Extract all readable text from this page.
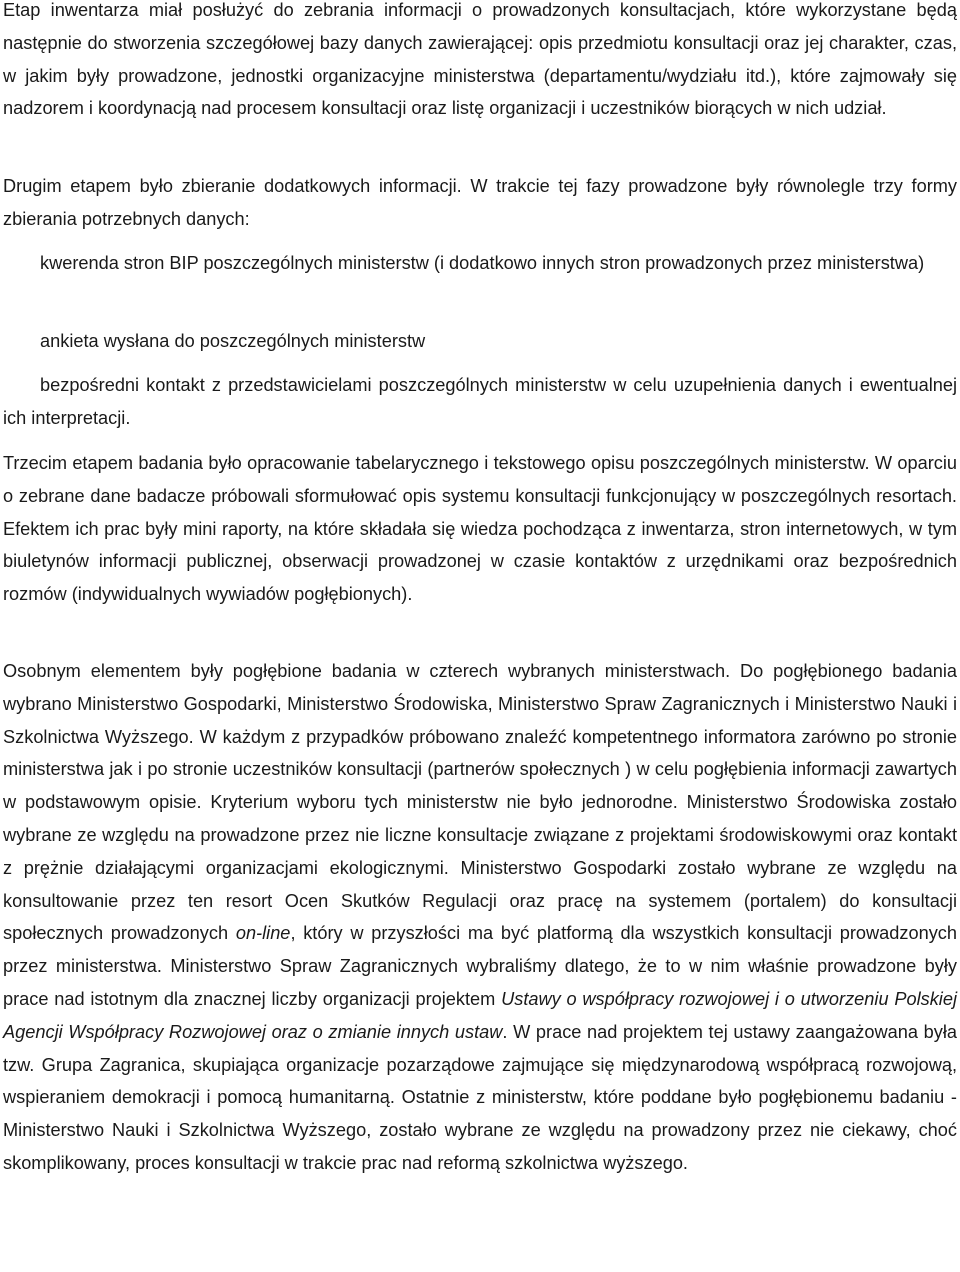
Etap inwentarza miał posłużyć do zebrania informacji o prowadzonych konsultacjach, które wykorzystane będą następnie do stworzenia szczegółowej bazy danych zawierającej: opis przedmiotu konsultacji oraz jej charakter, czas, w jakim były prowadzone, jednostki organizacyjne ministerstwa (departamentu/wydziału itd.), które zajmowały się nadzorem i koordynacją nad procesem konsultacji oraz listę organizacji i uczestników biorących w nich udział.

Drugim etapem było zbieranie dodatkowych informacji. W trakcie tej fazy prowadzone były równolegle trzy formy zbierania potrzebnych danych:

kwerenda stron BIP poszczególnych ministerstw (i dodatkowo innych stron prowadzonych przez ministerstwa)

ankieta wysłana do poszczególnych ministerstw

bezpośredni kontakt z przedstawicielami poszczególnych ministerstw w celu uzupełnienia danych i ewentualnej ich interpretacji.

Trzecim etapem badania było opracowanie tabelarycznego i tekstowego opisu poszczególnych ministerstw. W oparciu o zebrane dane badacze próbowali sformułować opis systemu konsultacji funkcjonujący w poszczególnych resortach. Efektem ich prac były mini raporty, na które składała się wiedza pochodząca z inwentarza, stron internetowych, w tym biuletynów informacji publicznej, obserwacji prowadzonej w czasie kontaktów z urzędnikami oraz bezpośrednich rozmów (indywidualnych wywiadów pogłębionych).

Osobnym elementem były pogłębione badania w czterech wybranych ministerstwach. Do pogłębionego badania wybrano Ministerstwo Gospodarki, Ministerstwo Środowiska, Ministerstwo Spraw Zagranicznych i Ministerstwo Nauki i Szkolnictwa Wyższego. W każdym z przypadków próbowano znaleźć kompetentnego informatora zarówno po stronie ministerstwa jak i po stronie uczestników konsultacji (partnerów społecznych ) w celu pogłębienia informacji zawartych w podstawowym opisie. Kryterium wyboru tych ministerstw nie było jednorodne. Ministerstwo Środowiska zostało wybrane ze względu na prowadzone przez nie liczne konsultacje związane z projektami środowiskowymi oraz kontakt z prężnie działającymi organizacjami ekologicznymi. Ministerstwo Gospodarki zostało wybrane ze względu na konsultowanie przez ten resort Ocen Skutków Regulacji oraz pracę na systemem (portalem) do konsultacji społecznych prowadzonych on-line, który w przyszłości ma być platformą dla wszystkich konsultacji prowadzonych przez ministerstwa. Ministerstwo Spraw Zagranicznych wybraliśmy dlatego, że to w nim właśnie prowadzone były prace nad istotnym dla znacznej liczby organizacji projektem Ustawy o współpracy rozwojowej i o utworzeniu Polskiej Agencji Współpracy Rozwojowej oraz o zmianie innych ustaw. W prace nad projektem tej ustawy zaangażowana była tzw. Grupa Zagranica, skupiająca organizacje pozarządowe zajmujące się międzynarodową współpracą rozwojową, wspieraniem demokracji i pomocą humanitarną. Ostatnie z ministerstw, które poddane było pogłębionemu badaniu - Ministerstwo Nauki i Szkolnictwa Wyższego, zostało wybrane ze względu na prowadzony przez nie ciekawy, choć skomplikowany, proces konsultacji w trakcie prac nad reformą szkolnictwa wyższego.
